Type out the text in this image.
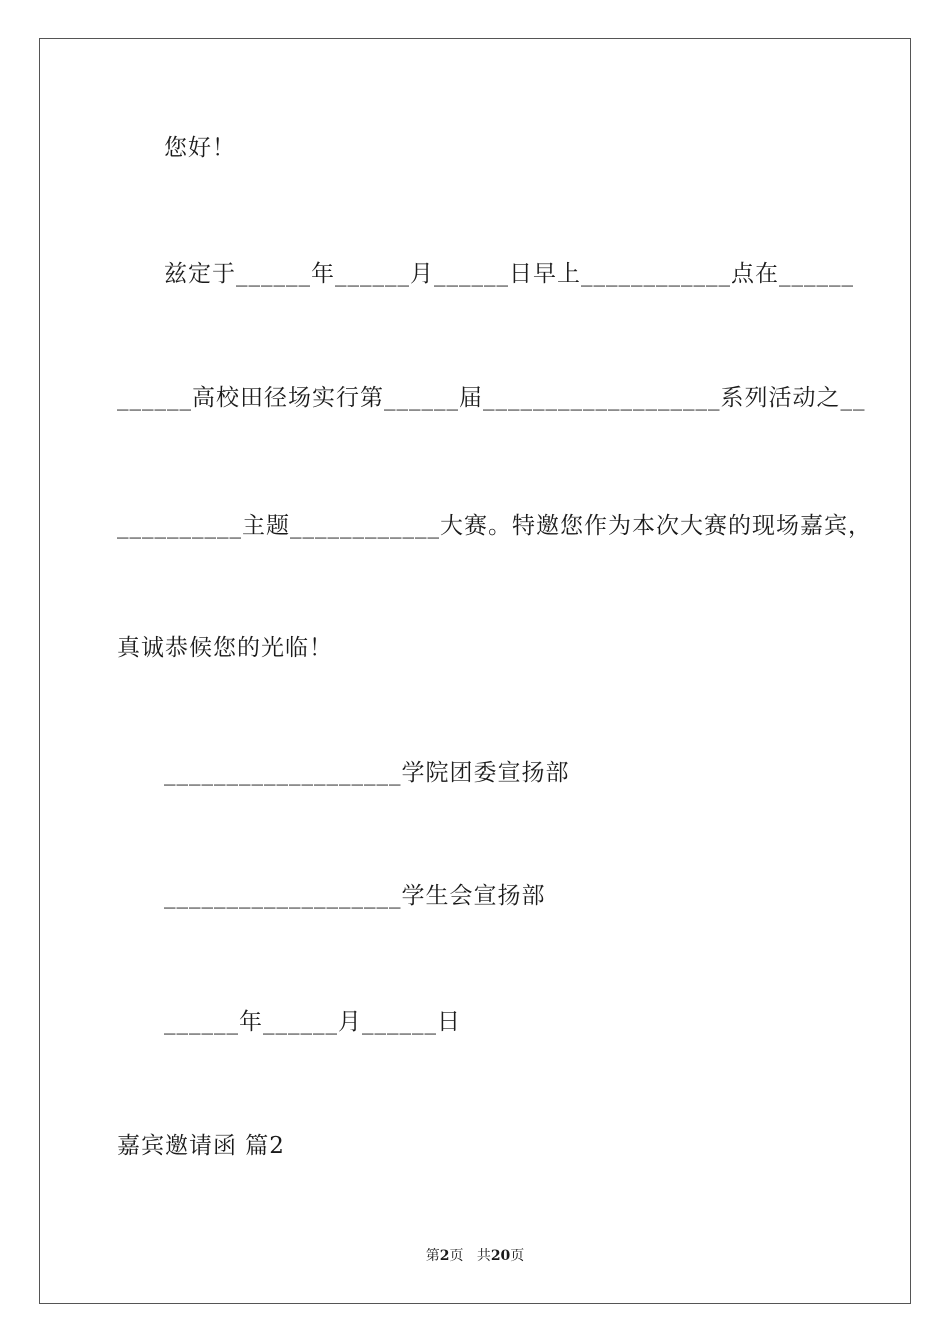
您好！
兹定于______年______月______日早上____________点在______
______高校田径场实行第______届___________________系列活动之__
__________主题____________大赛。特邀您作为本次大赛的现场嘉宾，
真诚恭候您的光临！
___________________学院团委宣扬部
___________________学生会宣扬部
______年______月______日
嘉宾邀请函 篇2
第2页 共20页
